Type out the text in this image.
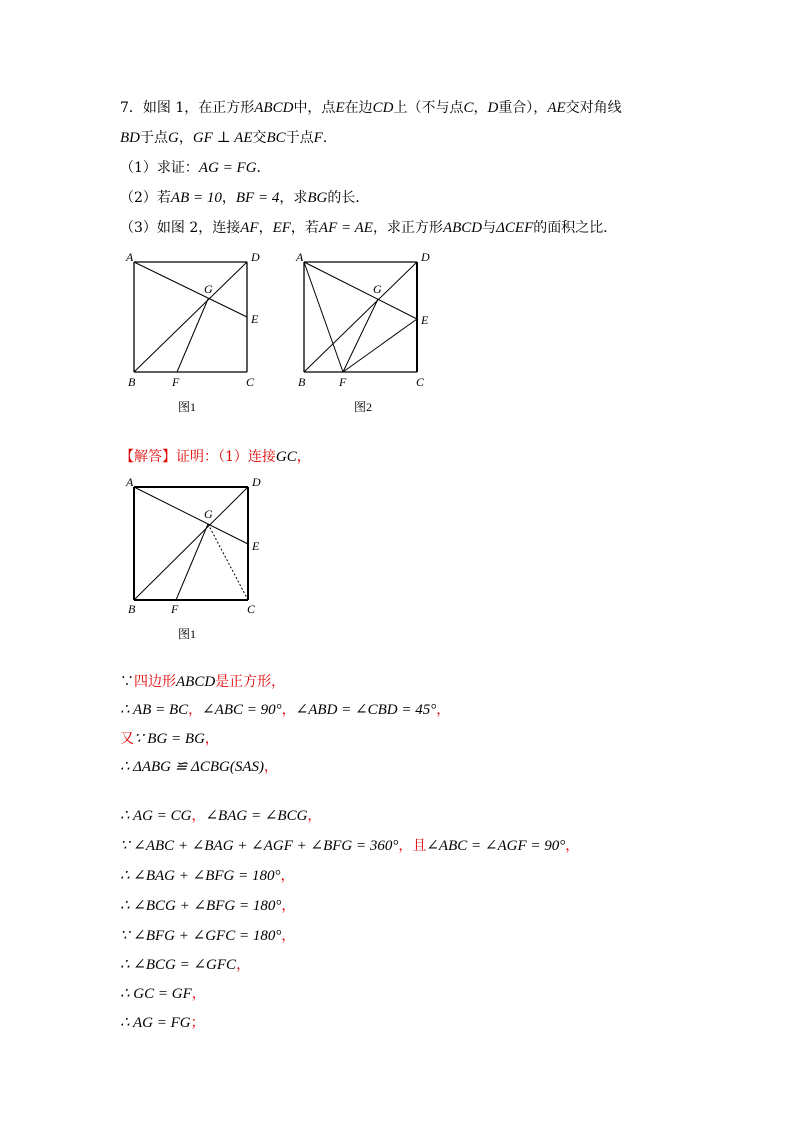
7．如图 1，在正方形ABCD中，点E在边CD上（不与点C，D重合），AE交对角线
BD于点G，GF ⊥ AE交BC于点F．
（1）求证：AG = FG．
（2）若AB = 10，BF = 4，求BG的长．
（3）如图 2，连接AF，EF，若AF = AE，求正方形ABCD与ΔCEF的面积之比．
A	D
E
G
B	F	C
图1
A	D
E
G
B	F	C
图2
【解答】证明：（1）连接GC，
A	D
E
G
B	F	C
图1
∵四边形ABCD是正方形，
∴ AB = BC，∠ABC = 90°，∠ABD = ∠CBD = 45°，
又∵ BG = BG，
∴ ΔABG ≌ ΔCBG(SAS)，
∴ AG = CG，∠BAG = ∠BCG，
∵ ∠ABC + ∠BAG + ∠AGF + ∠BFG = 360°，且∠ABC = ∠AGF = 90°，
∴ ∠BAG + ∠BFG = 180°，
∴ ∠BCG + ∠BFG = 180°，
∵ ∠BFG + ∠GFC = 180°，
∴ ∠BCG = ∠GFC，
∴ GC = GF，
∴ AG = FG；
